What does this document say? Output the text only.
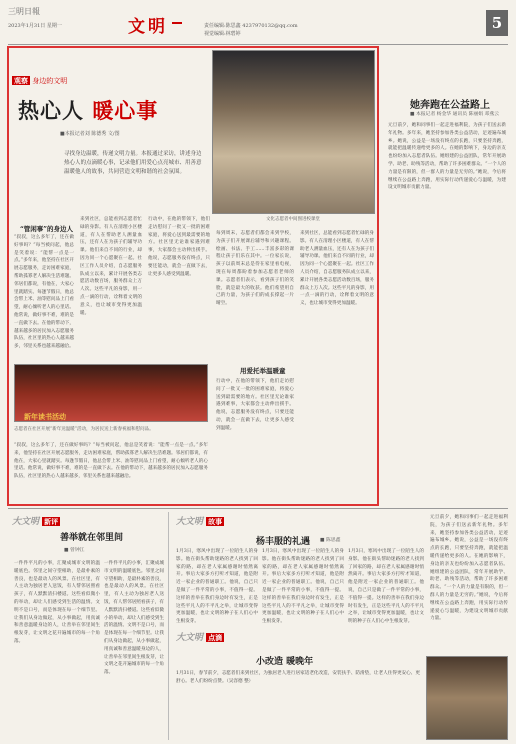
三明日報
2023年1月31日 星期一	文明	责任编辑:陈思鑫 4237970132@qq.com
视觉编辑:林碧婷
5
观察 身边的文明
热心人 暖心事
■本报记者刘 陈德秀 文/图
寻找身边温暖，传递文明力量。本报通过采访，讲述身边热心人的点滴暖心事，记录他们用爱心点亮城市、用善意温暖他人的故事，共同营造文明和谐的社会氛围。
文化志愿者中间图进校课堂
“管闲事”的身边人
“叔叔，这么多年了，还在做好事吗？”每当被问起，他总是笑着说：“能帮一点是一点。”多年来，他坚持在社区开展志愿服务，走访困难家庭，帮助孤寡老人解决生活难题。邻居们都说，有他在，大家心里就踏实。每逢节假日，他总会带上米、油等慰问品上门看望，耐心倾听老人的心里话。他常说，做好事不难，难的是一直做下去。在他的带动下，越来越多的居民加入志愿服务队伍，社区里的热心人越来越多，邻里关系也越来越融洽。
来到社区，总能看到志愿者忙碌的身影。有人在清理小区楼道，有人在帮助老人测量血压，还有人在为孩子们辅导功课。他们来自不同的行业，却因为同一个心愿聚在一起。社区工作人员介绍，自志愿服务队成立以来，累计开展各类志愿活动数百场，服务群众上万人次。这些平凡的身影，用一点一滴的行动，诠释着文明的意义，也让城市变得更加温暖。
行动中，在他的带领下，他们走访慰问了一批又一批的困难家庭，将爱心送到最需要的地方。社区里无论谁家遇到难事，大家都会主动伸出援手。他说，志愿服务没有终点，只要还能动，就会一直做下去，让更多人感受到温暖。
用爱托举温暖童
每到周末，志愿者们都会来到学校，为孩子们开展课后辅导和兴趣课程。绘画、书法、手工……丰富多彩的课程让孩子们乐在其中。一位家长说，孩子以前周末总是待在家里看电视，现在每周都盼着参加志愿者老师的课。志愿者们表示，看到孩子们的笑脸，就是最大的收获。他们希望用自己的力量，为孩子们的成长撑起一片晴空。
来到社区，总能看到志愿者忙碌的身影。有人在清理小区楼道，有人在帮助老人测量血压，还有人在为孩子们辅导功课。他们来自不同的行业，却因为同一个心愿聚在一起。社区工作人员介绍，自志愿服务队成立以来，累计开展各类志愿活动数百场，服务群众上万人次。这些平凡的身影，用一点一滴的行动，诠释着文明的意义，也让城市变得更加温暖。
行动中，在他的带领下，他们走访慰问了一批又一批的困难家庭，将爱心送到最需要的地方。社区里无论谁家遇到难事，大家都会主动伸出援手。他说，志愿服务没有终点，只要还能动，就会一直做下去，让更多人感受到温暖。
新年读书活动
志愿者在社区开展“新年送温暖”活动，为居民送上新春祝福和慰问品。
“叔叔，这么多年了，还在做好事吗？”每当被问起，他总是笑着说：“能帮一点是一点。”多年来，他坚持在社区开展志愿服务，走访困难家庭，帮助孤寡老人解决生活难题。邻居们都说，有他在，大家心里就踏实。每逢节假日，他总会带上米、油等慰问品上门看望，耐心倾听老人的心里话。他常说，做好事不难，难的是一直做下去。在他的带动下，越来越多的居民加入志愿服务队伍，社区里的热心人越来越多，邻里关系也越来越融洽。
她奔跑在公益路上
■ 本报记者 杨金华 通讯员 陈丽娟 邓燕云
元旦前夕，她和同事们一起走进福利院，为孩子们送去新年礼物。多年来，她坚持参加各类公益活动，足迹遍布城乡。她说，公益是一场没有终点的长跑，只要坚持奔跑，就能把温暖传递给更多的人。在她的影响下，身边的亲友也纷纷加入志愿者队伍。她组建的公益团队，常年开展助学、助老、助残等活动，帮助了许多困难群众。“一个人的力量是有限的，但一群人的力量是无穷的。”她说，今后将继续在公益路上奔跑，用实际行动传递爱心与温暖，为建设文明城市贡献力量。
大文明 新评
善举就在邻里间
■ 曾钟江
一件件平凡的小事，汇聚成城市文明的温暖底色。邻里之间守望相助，是最朴素的善良，也是最动人的风景。在社区里，有人主动为独居老人送饭，有人帮邻居照看孩子，有人默默清扫楼道。这些看似微小的举动，却让人们感受到生活的温情。文明不是口号，而是体现在每一个细节里。让我们从身边做起，从小事做起，用真诚和善意温暖身边的人，让善举在邻里间生根发芽，让文明之花开遍城市的每一个角落。
一件件平凡的小事，汇聚成城市文明的温暖底色。邻里之间守望相助，是最朴素的善良，也是最动人的风景。在社区里，有人主动为独居老人送饭，有人帮邻居照看孩子，有人默默清扫楼道。这些看似微小的举动，却让人们感受到生活的温情。文明不是口号，而是体现在每一个细节里。让我们从身边做起，从小事做起，用真诚和善意温暖身边的人，让善举在邻里间生根发芽，让文明之花开遍城市的每一个角落。
大文明 故事
杨丰服的礼遇 ■ 陈思鑫
1月3日，寒风中出现了一位陌生人的身影。他在街头帮助迷路的老人找到了回家的路，却在老人家属感谢时悄然离开。事后大家多方打听才知道，他是附近一家企业的普通职工。他说，自己只是做了一件平常的小事，不值得一提。这样的善举在我们身边时有发生，正是这些平凡人的不平凡之举，让城市变得更加温暖，也让文明的种子在人们心中生根发芽。
1月3日，寒风中出现了一位陌生人的身影。他在街头帮助迷路的老人找到了回家的路，却在老人家属感谢时悄然离开。事后大家多方打听才知道，他是附近一家企业的普通职工。他说，自己只是做了一件平常的小事，不值得一提。这样的善举在我们身边时有发生，正是这些平凡人的不平凡之举，让城市变得更加温暖，也让文明的种子在人们心中生根发芽。
1月3日，寒风中出现了一位陌生人的身影。他在街头帮助迷路的老人找到了回家的路，却在老人家属感谢时悄然离开。事后大家多方打听才知道，他是附近一家企业的普通职工。他说，自己只是做了一件平常的小事，不值得一提。这样的善举在我们身边时有发生，正是这些平凡人的不平凡之举，让城市变得更加温暖，也让文明的种子在人们心中生根发芽。
元旦前夕，她和同事们一起走进福利院，为孩子们送去新年礼物。多年来，她坚持参加各类公益活动，足迹遍布城乡。她说，公益是一场没有终点的长跑，只要坚持奔跑，就能把温暖传递给更多的人。在她的影响下，身边的亲友也纷纷加入志愿者队伍。她组建的公益团队，常年开展助学、助老、助残等活动，帮助了许多困难群众。“一个人的力量是有限的，但一群人的力量是无穷的。”她说，今后将继续在公益路上奔跑，用实际行动传递爱心与温暖，为建设文明城市贡献力量。
大文明 点滴
小改造 暖晚年
1月31日，春节前夕，志愿者们来到社区，为独居老人进行居家适老化改造，安装扶手、防滑垫，让老人住得更安心、更舒心。老人们纷纷点赞。（吴容德 整）
